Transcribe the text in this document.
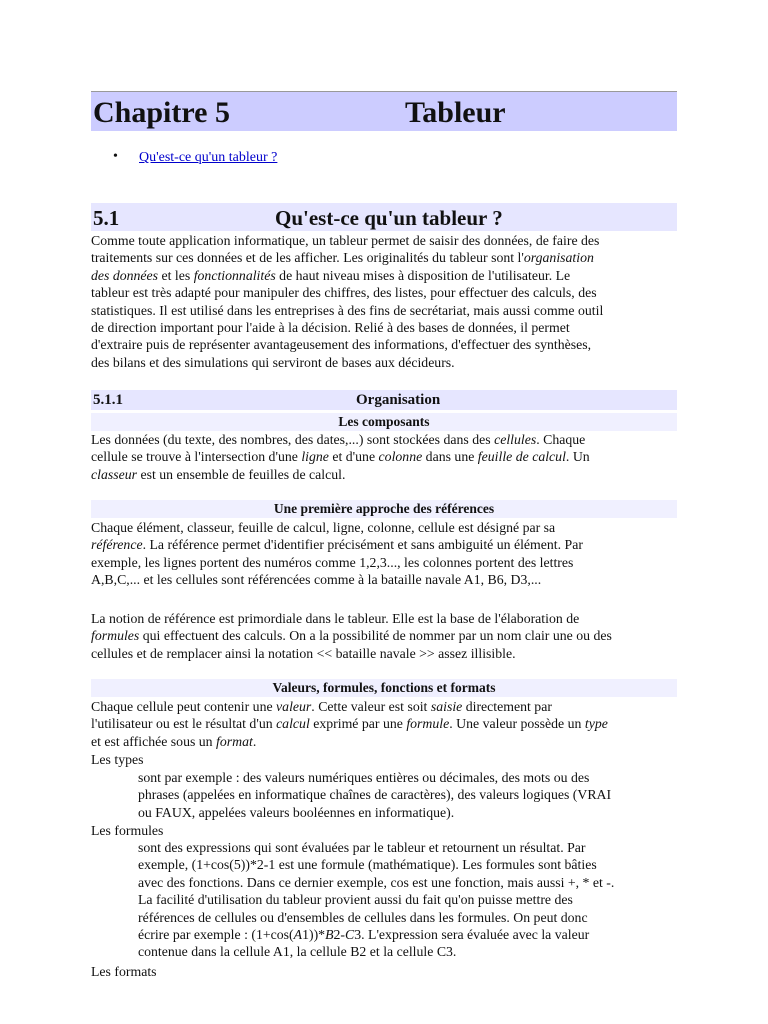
Chapitre 5	Tableur
• Qu'est-ce qu'un tableur ?
5.1	Qu'est-ce qu'un tableur ?
Comme toute application informatique, un tableur permet de saisir des données, de faire des
traitements sur ces données et de les afficher. Les originalités du tableur sont l'organisation
des données et les fonctionnalités de haut niveau mises à disposition de l'utilisateur. Le
tableur est très adapté pour manipuler des chiffres, des listes, pour effectuer des calculs, des
statistiques. Il est utilisé dans les entreprises à des fins de secrétariat, mais aussi comme outil
de direction important pour l'aide à la décision. Relié à des bases de données, il permet
d'extraire puis de représenter avantageusement des informations, d'effectuer des synthèses,
des bilans et des simulations qui serviront de bases aux décideurs.
5.1.1	Organisation
Les composants
Les données (du texte, des nombres, des dates,...) sont stockées dans des cellules. Chaque
cellule se trouve à l'intersection d'une ligne et d'une colonne dans une feuille de calcul. Un
classeur est un ensemble de feuilles de calcul.
Une première approche des références
Chaque élément, classeur, feuille de calcul, ligne, colonne, cellule est désigné par sa
référence. La référence permet d'identifier précisément et sans ambiguité un élément. Par
exemple, les lignes portent des numéros comme 1,2,3..., les colonnes portent des lettres
A,B,C,... et les cellules sont référencées comme à la bataille navale A1, B6, D3,...
La notion de référence est primordiale dans le tableur. Elle est la base de l'élaboration de
formules qui effectuent des calculs. On a la possibilité de nommer par un nom clair une ou des
cellules et de remplacer ainsi la notation << bataille navale >> assez illisible.
Valeurs, formules, fonctions et formats
Chaque cellule peut contenir une valeur. Cette valeur est soit saisie directement par
l'utilisateur ou est le résultat d'un calcul exprimé par une formule. Une valeur possède un type
et est affichée sous un format.
Les types
sont par exemple : des valeurs numériques entières ou décimales, des mots ou des
phrases (appelées en informatique chaînes de caractères), des valeurs logiques (VRAI
ou FAUX, appelées valeurs booléennes en informatique).
Les formules
sont des expressions qui sont évaluées par le tableur et retournent un résultat. Par
exemple, (1+cos(5))*2-1 est une formule (mathématique). Les formules sont bâties
avec des fonctions. Dans ce dernier exemple, cos est une fonction, mais aussi +, * et -.
La facilité d'utilisation du tableur provient aussi du fait qu'on puisse mettre des
références de cellules ou d'ensembles de cellules dans les formules. On peut donc
écrire par exemple : (1+cos(A1))*B2-C3. L'expression sera évaluée avec la valeur
contenue dans la cellule A1, la cellule B2 et la cellule C3.
Les formats
